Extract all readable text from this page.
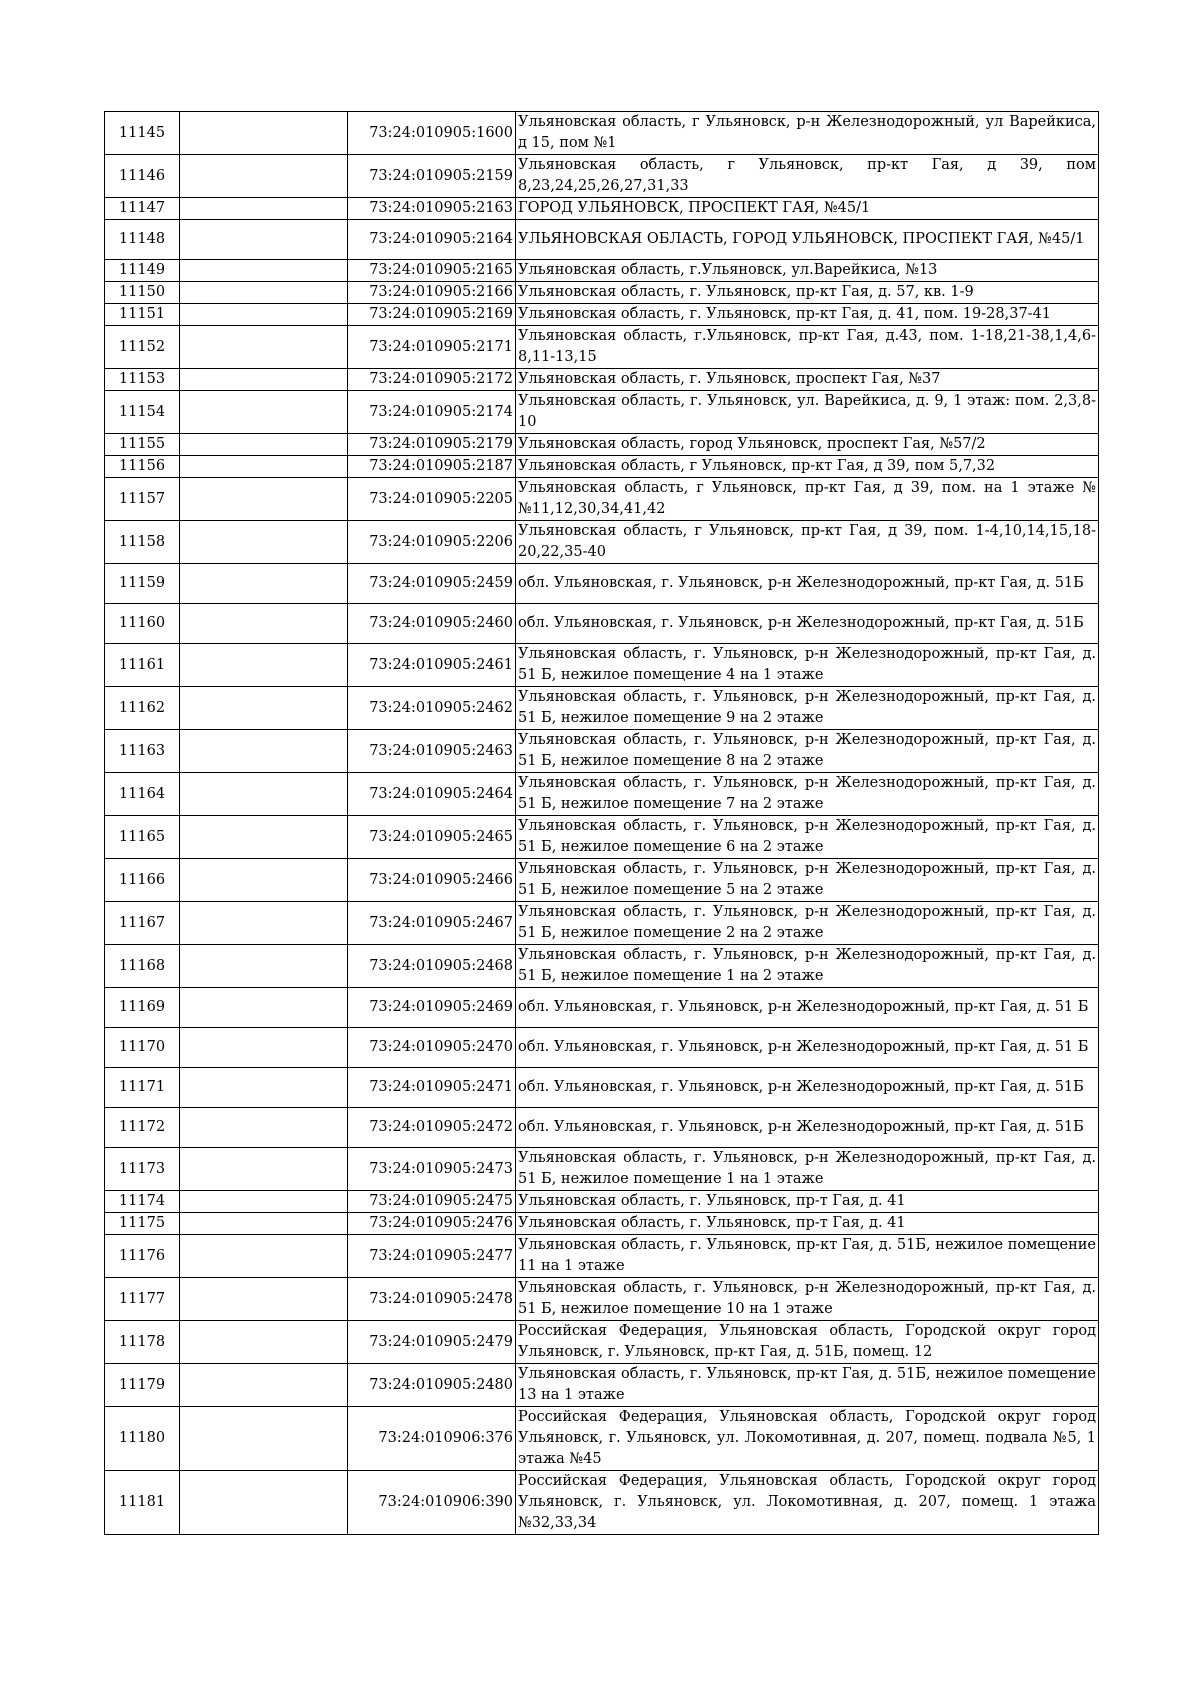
11145		73:24:010905:1600	Ульяновская область, г Ульяновск, р-н Железнодорожный, ул Варейкиса, д 15, пом №1
11146		73:24:010905:2159	Ульяновская область, г Ульяновск, пр-кт Гая, д 39, пом 8,23,24,25,26,27,31,33
11147		73:24:010905:2163	ГОРОД УЛЬЯНОВСК, ПРОСПЕКТ ГАЯ, №45/1
11148		73:24:010905:2164	УЛЬЯНОВСКАЯ ОБЛАСТЬ, ГОРОД УЛЬЯНОВСК, ПРОСПЕКТ ГАЯ, №45/1
11149		73:24:010905:2165	Ульяновская область, г.Ульяновск, ул.Варейкиса, №13
11150		73:24:010905:2166	Ульяновская область, г. Ульяновск, пр-кт Гая, д. 57, кв. 1-9
11151		73:24:010905:2169	Ульяновская область, г. Ульяновск, пр-кт Гая, д. 41, пом. 19-28,37-41
11152		73:24:010905:2171	Ульяновская область, г.Ульяновск, пр-кт Гая, д.43, пом. 1-18,21-38,1,4,6-8,11-13,15
11153		73:24:010905:2172	Ульяновская область, г. Ульяновск, проспект Гая, №37
11154		73:24:010905:2174	Ульяновская область, г. Ульяновск, ул. Варейкиса, д. 9, 1 этаж: пом. 2,3,8-10
11155		73:24:010905:2179	Ульяновская область, город Ульяновск, проспект Гая, №57/2
11156		73:24:010905:2187	Ульяновская область, г Ульяновск, пр-кт Гая, д 39, пом 5,7,32
11157		73:24:010905:2205	Ульяновская область, г Ульяновск, пр-кт Гая, д 39, пом. на 1 этаже №№11,12,30,34,41,42
11158		73:24:010905:2206	Ульяновская область, г Ульяновск, пр-кт Гая, д 39, пом. 1-4,10,14,15,18-20,22,35-40
11159		73:24:010905:2459	обл. Ульяновская, г. Ульяновск, р-н Железнодорожный, пр-кт Гая, д. 51Б
11160		73:24:010905:2460	обл. Ульяновская, г. Ульяновск, р-н Железнодорожный, пр-кт Гая, д. 51Б
11161		73:24:010905:2461	Ульяновская область, г. Ульяновск, р-н Железнодорожный, пр-кт Гая, д. 51 Б, нежилое помещение 4 на 1 этаже
11162		73:24:010905:2462	Ульяновская область, г. Ульяновск, р-н Железнодорожный, пр-кт Гая, д. 51 Б, нежилое помещение 9 на 2 этаже
11163		73:24:010905:2463	Ульяновская область, г. Ульяновск, р-н Железнодорожный, пр-кт Гая, д. 51 Б, нежилое помещение 8 на 2 этаже
11164		73:24:010905:2464	Ульяновская область, г. Ульяновск, р-н Железнодорожный, пр-кт Гая, д. 51 Б, нежилое помещение 7 на 2 этаже
11165		73:24:010905:2465	Ульяновская область, г. Ульяновск, р-н Железнодорожный, пр-кт Гая, д. 51 Б, нежилое помещение 6 на 2 этаже
11166		73:24:010905:2466	Ульяновская область, г. Ульяновск, р-н Железнодорожный, пр-кт Гая, д. 51 Б, нежилое помещение 5 на 2 этаже
11167		73:24:010905:2467	Ульяновская область, г. Ульяновск, р-н Железнодорожный, пр-кт Гая, д. 51 Б, нежилое помещение 2 на 2 этаже
11168		73:24:010905:2468	Ульяновская область, г. Ульяновск, р-н Железнодорожный, пр-кт Гая, д. 51 Б, нежилое помещение 1 на 2 этаже
11169		73:24:010905:2469	обл. Ульяновская, г. Ульяновск, р-н Железнодорожный, пр-кт Гая, д. 51 Б
11170		73:24:010905:2470	обл. Ульяновская, г. Ульяновск, р-н Железнодорожный, пр-кт Гая, д. 51 Б
11171		73:24:010905:2471	обл. Ульяновская, г. Ульяновск, р-н Железнодорожный, пр-кт Гая, д. 51Б
11172		73:24:010905:2472	обл. Ульяновская, г. Ульяновск, р-н Железнодорожный, пр-кт Гая, д. 51Б
11173		73:24:010905:2473	Ульяновская область, г. Ульяновск, р-н Железнодорожный, пр-кт Гая, д. 51 Б, нежилое помещение 1 на 1 этаже
11174		73:24:010905:2475	Ульяновская область, г. Ульяновск, пр-т Гая, д. 41
11175		73:24:010905:2476	Ульяновская область, г. Ульяновск, пр-т Гая, д. 41
11176		73:24:010905:2477	Ульяновская область, г. Ульяновск, пр-кт Гая, д. 51Б, нежилое помещение 11 на 1 этаже
11177		73:24:010905:2478	Ульяновская область, г. Ульяновск, р-н Железнодорожный, пр-кт Гая, д. 51 Б, нежилое помещение 10 на 1 этаже
11178		73:24:010905:2479	Российская Федерация, Ульяновская область, Городской округ город Ульяновск, г. Ульяновск, пр-кт Гая, д. 51Б, помещ. 12
11179		73:24:010905:2480	Ульяновская область, г. Ульяновск, пр-кт Гая, д. 51Б, нежилое помещение 13 на 1 этаже
11180		73:24:010906:376	Российская Федерация, Ульяновская область, Городской округ город Ульяновск, г. Ульяновск, ул. Локомотивная, д. 207, помещ. подвала №5, 1 этажа №45
11181		73:24:010906:390	Российская Федерация, Ульяновская область, Городской округ город Ульяновск, г. Ульяновск, ул. Локомотивная, д. 207, помещ. 1 этажа №32,33,34
